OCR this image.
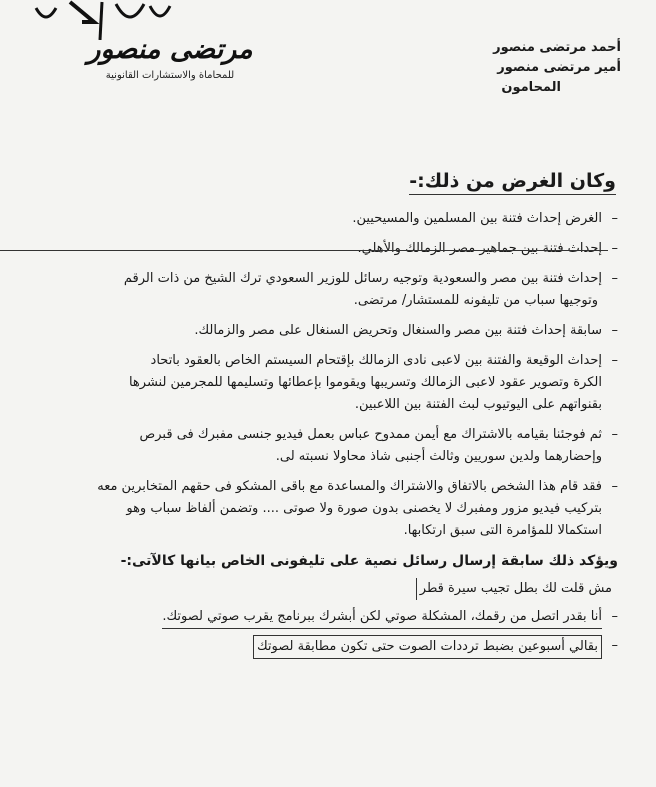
مرتضى منصور
للمحاماة والاستشارات القانونية
أحمد مرتضى منصور
أمير مرتضى منصور
المحامون
وكان الغرض من ذلك:-
– الغرض إحداث فتنة بين المسلمين والمسيحيين.
– إحداث فتنة بين جماهير مصر الزمالك والأهلي.
– إحداث فتنة بين مصر والسعودية وتوجيه رسائل للوزير السعودي ترك الشيخ من ذات الرقم
وتوجيها سباب من تليفونه للمستشار/ مرتضى.
– سابقة إحداث فتنة بين مصر والسنغال وتحريض السنغال على مصر والزمالك.
– إحداث الوقيعة والفتنة بين لاعبى نادى الزمالك بإقتحام السيستم الخاص بالعقود باتحاد
الكرة وتصوير عقود لاعبى الزمالك وتسريبها ويقوموا بإعطائها وتسليمها للمجرمين لنشرها
بقنواتهم على اليوتيوب لبث الفتنة بين اللاعبين.
– ثم فوجئنا بقيامه بالاشتراك مع أيمن ممدوح عباس بعمل فيديو جنسى مفبرك فى قبرص
وإحضارهما ولدين سوريين وثالث أجنبى شاذ محاولا نسبته لى.
– فقد قام هذا الشخص بالاتفاق والاشتراك والمساعدة مع باقى المشكو فى حقهم المتخابرين معه
بتركيب فيديو مزور ومفبرك لا يخصنى بدون صورة ولا صوتى .... وتضمن ألفاظ سباب وهو
استكمالا للمؤامرة التى سبق ارتكابها.
ويؤكد ذلك سابقة إرسال رسائل نصية على تليفونى الخاص بيانها كالآتى:-
مش قلت لك بطل تجيب سيرة قطر
– أنا بقدر اتصل من رقمك، المشكلة صوتي لكن أبشرك ببرنامج يقرب صوتي لصوتك.
– بقالي أسبوعين بضبط ترددات الصوت حتى تكون مطابقة لصوتك
